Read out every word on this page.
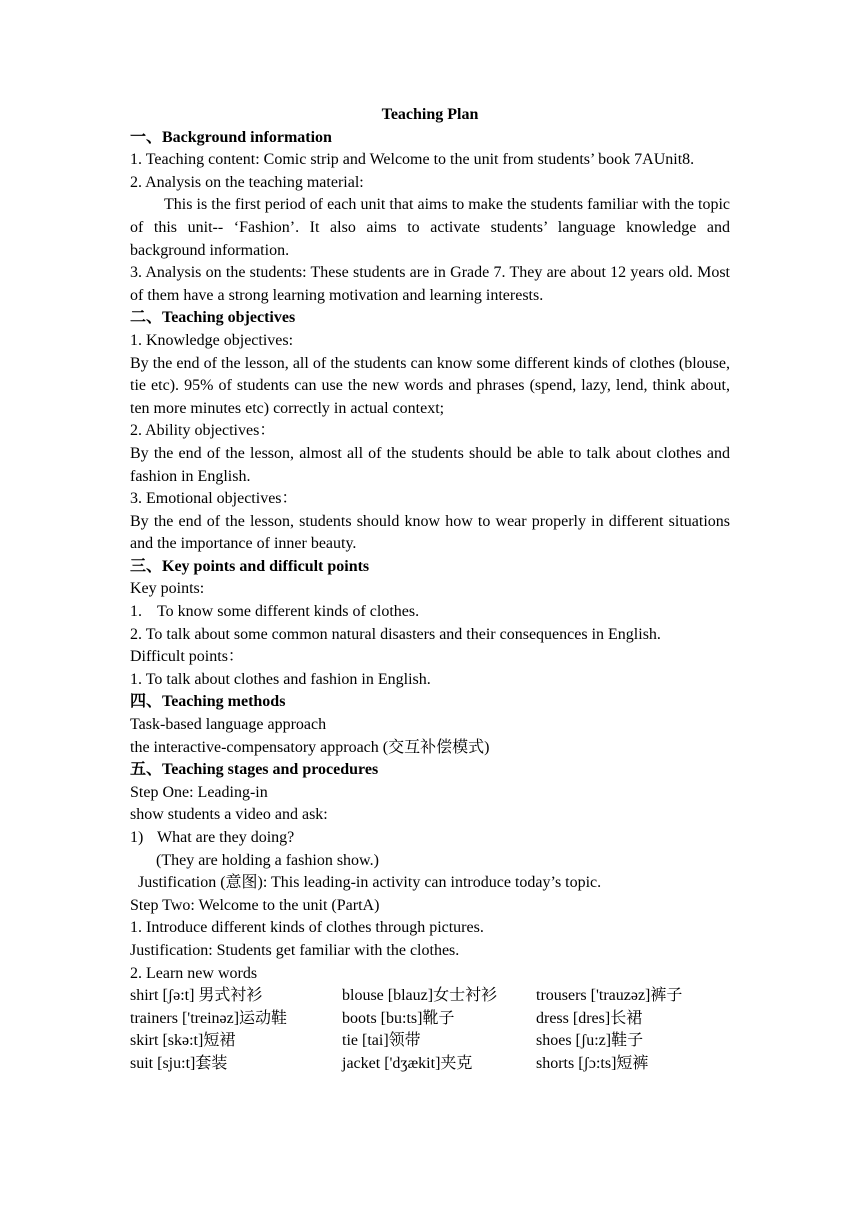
Teaching Plan
一、Background information
1. Teaching content: Comic strip and Welcome to the unit from students’ book 7AUnit8.
2. Analysis on the teaching material:
This is the first period of each unit that aims to make the students familiar with the topic of this unit-- ‘Fashion’. It also aims to activate students’ language knowledge and background information.
3. Analysis on the students: These students are in Grade 7. They are about 12 years old. Most of them have a strong learning motivation and learning interests.
二、Teaching objectives
1. Knowledge objectives:
By the end of the lesson, all of the students can know some different kinds of clothes (blouse, tie etc). 95% of students can use the new words and phrases (spend, lazy, lend, think about, ten more minutes etc) correctly in actual context;
2. Ability objectives：
By the end of the lesson, almost all of the students should be able to talk about clothes and fashion in English.
3. Emotional objectives：
By the end of the lesson, students should know how to wear properly in different situations and the importance of inner beauty.
三、Key points and difficult points
Key points:
1. To know some different kinds of clothes.
2. To talk about some common natural disasters and their consequences in English.
Difficult points：
1. To talk about clothes and fashion in English.
四、Teaching methods
Task-based language approach
the interactive-compensatory approach (交互补偿模式)
五、Teaching stages and procedures
Step One: Leading-in
show students a video and ask:
1) What are they doing?
(They are holding a fashion show.)
Justification (意图): This leading-in activity can introduce today’s topic.
Step Two: Welcome to the unit (PartA)
1. Introduce different kinds of clothes through pictures.
Justification: Students get familiar with the clothes.
2. Learn new words
shirt [ʃə:t] 男式衬衫	blouse [blauz]女士衬衫 trousers ['trauzəz]裤子
trainers ['treinəz]运动鞋	boots [bu:ts]靴子	dress [dres]长裙
skirt [skə:t]短裙	tie [tai]领带	shoes [ʃu:z]鞋子
suit [sju:t]套装	jacket ['dʒækit]夹克	shorts [ʃɔ:ts]短裤
